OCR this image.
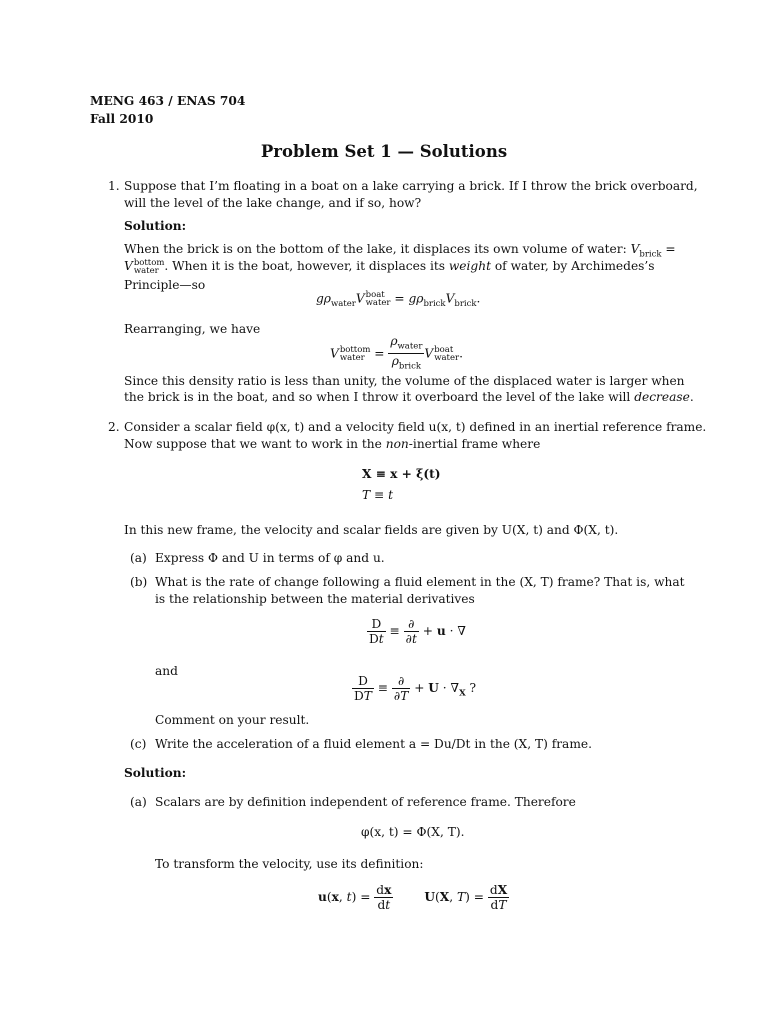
MENG 463 / ENAS 704
Fall 2010
Problem Set 1 — Solutions
1. Suppose that I’m floating in a boat on a lake carrying a brick. If I throw the brick overboard,
will the level of the lake change, and if so, how?
Solution:
When the brick is on the bottom of the lake, it displaces its own volume of water: $V_{brick}$ =
V bottom
water . When it is the boat, however, it displaces its weight of water, by Archimedes’s
Principle—so
$g\rho_{water}V$ boat
water = $g\rho_{brick}V_{brick}$.
Rearranging, we have
V bottom
water = $\frac{\rho_{water}}{\rho_{brick}}$ V boat
water .
Since this density ratio is less than unity, the volume of the displaced water is larger when
the brick is in the boat, and so when I throw it overboard the level of the lake will decrease.
2. Consider a scalar field φ(x, t) and a velocity field u(x, t) defined in an inertial reference frame.
Now suppose that we want to work in the non-inertial frame where
X ≡ x + ξ(t)
T ≡ t
In this new frame, the velocity and scalar fields are given by U(X, t) and Φ(X, t).
(a) Express Φ and U in terms of φ and u.
(b) What is the rate of change following a fluid element in the (X, T) frame? That is, what
is the relationship between the material derivatives
$\frac{D}{Dt} \equiv \frac{\partial}{\partial t} + u$ · ∇
and
$\frac{D}{DT} \equiv \frac{\partial}{\partial T} + U \cdot \nabla_X$ ?
Comment on your result.
(c) Write the acceleration of a fluid element a = Du/Dt in the (X, T) frame.
Solution:
(a) Scalars are by definition independent of reference frame. Therefore
φ(x, t) = Φ(X, T).
To transform the velocity, use its definition:
u(x, $t) = \frac{dx}{dt}$	U(X, $T) = \frac{dX}{dT}$
